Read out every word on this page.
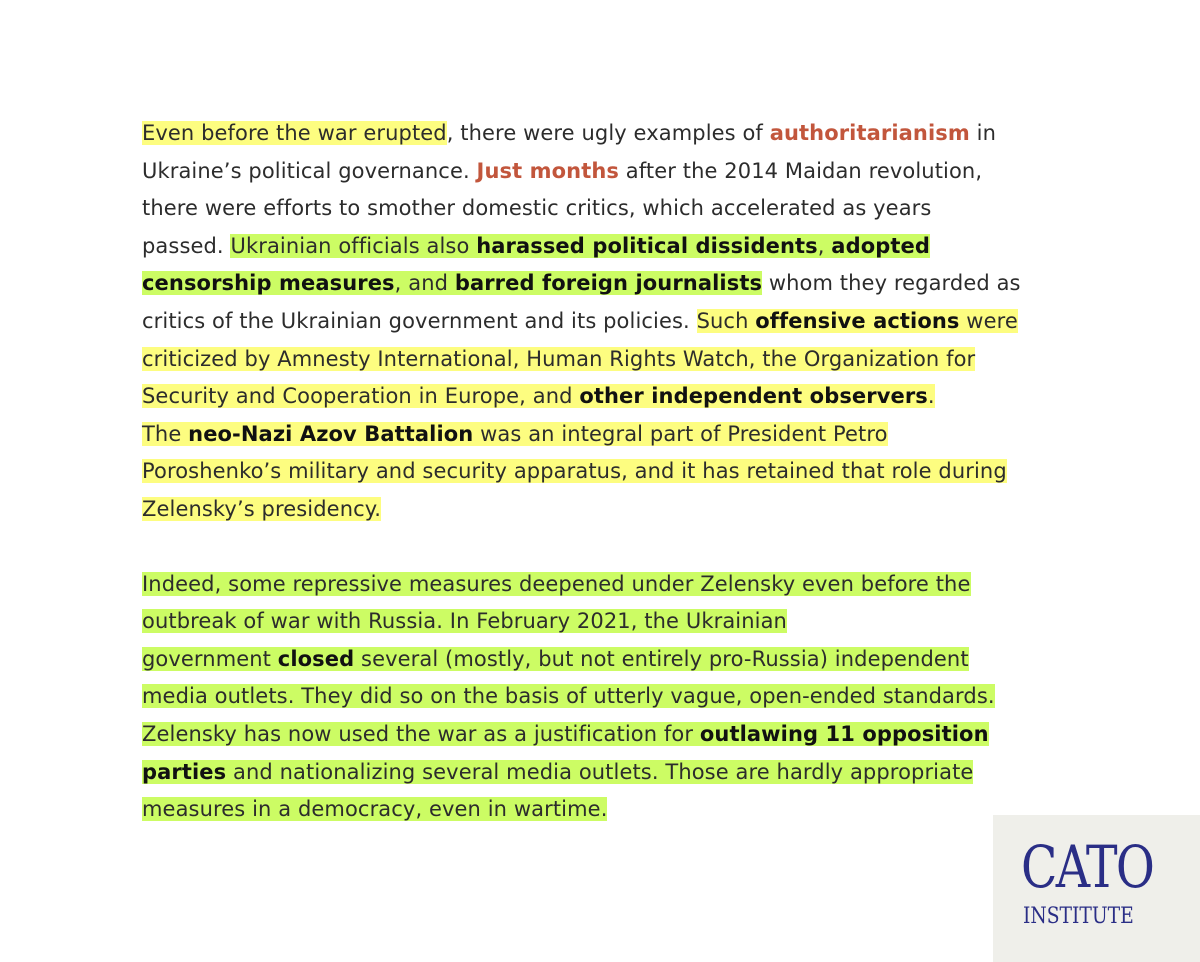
Even before the war erupted, there were ugly examples of authoritarianism in
Ukraine’s political governance. Just months after the 2014 Maidan revolution,
there were efforts to smother domestic critics, which accelerated as years
passed. Ukrainian officials also harassed political dissidents, adopted
censorship measures, and barred foreign journalists whom they regarded as
critics of the Ukrainian government and its policies. Such offensive actions were
criticized by Amnesty International, Human Rights Watch, the Organization for
Security and Cooperation in Europe, and other independent observers.
The neo-Nazi Azov Battalion was an integral part of President Petro
Poroshenko’s military and security apparatus, and it has retained that role during
Zelensky’s presidency.

Indeed, some repressive measures deepened under Zelensky even before the
outbreak of war with Russia. In February 2021, the Ukrainian
government closed several (mostly, but not entirely pro-Russia) independent
media outlets. They did so on the basis of utterly vague, open-ended standards.
Zelensky has now used the war as a justification for outlawing 11 opposition
parties and nationalizing several media outlets. Those are hardly appropriate
measures in a democracy, even in wartime.

CATO
INSTITUTE
